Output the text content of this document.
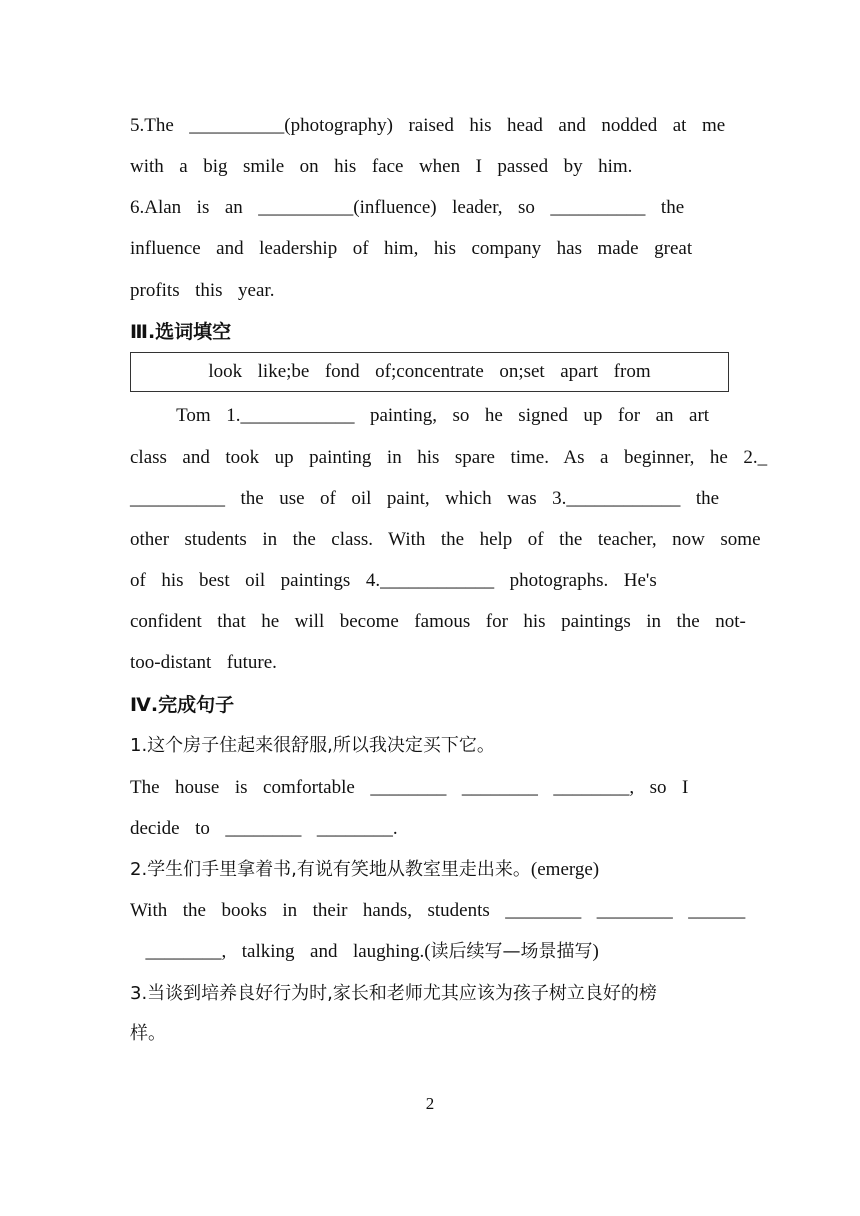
5.The  __________(photography)  raised  his  head  and  nodded  at  me
with  a  big  smile  on  his  face  when  I  passed  by  him.
6.Alan  is  an  __________(influence)  leader,  so  __________  the
influence  and  leadership  of  him,  his  company  has  made  great
profits  this  year.
Ⅲ.选词填空
look  like;be  fond  of;concentrate  on;set  apart  from
Tom  1.____________  painting,  so  he  signed  up  for  an  art
class  and  took  up  painting  in  his  spare  time.  As  a  beginner,  he  2._
__________  the  use  of  oil  paint,  which  was  3.____________  the
other  students  in  the  class.  With  the  help  of  the  teacher,  now  some
of  his  best  oil  paintings  4.____________  photographs.  He's
confident  that  he  will  become  famous  for  his  paintings  in  the  not-
too-distant  future.
Ⅳ.完成句子
1.这个房子住起来很舒服,所以我决定买下它。
The  house  is  comfortable  ________  ________  ________,  so  I
decide  to  ________  ________.
2.学生们手里拿着书,有说有笑地从教室里走出来。(emerge)
With  the  books  in  their  hands,  students  ________  ________  ______
________,  talking  and  laughing.(读后续写—场景描写)
3.当谈到培养良好行为时,家长和老师尤其应该为孩子树立良好的榜
样。
2
